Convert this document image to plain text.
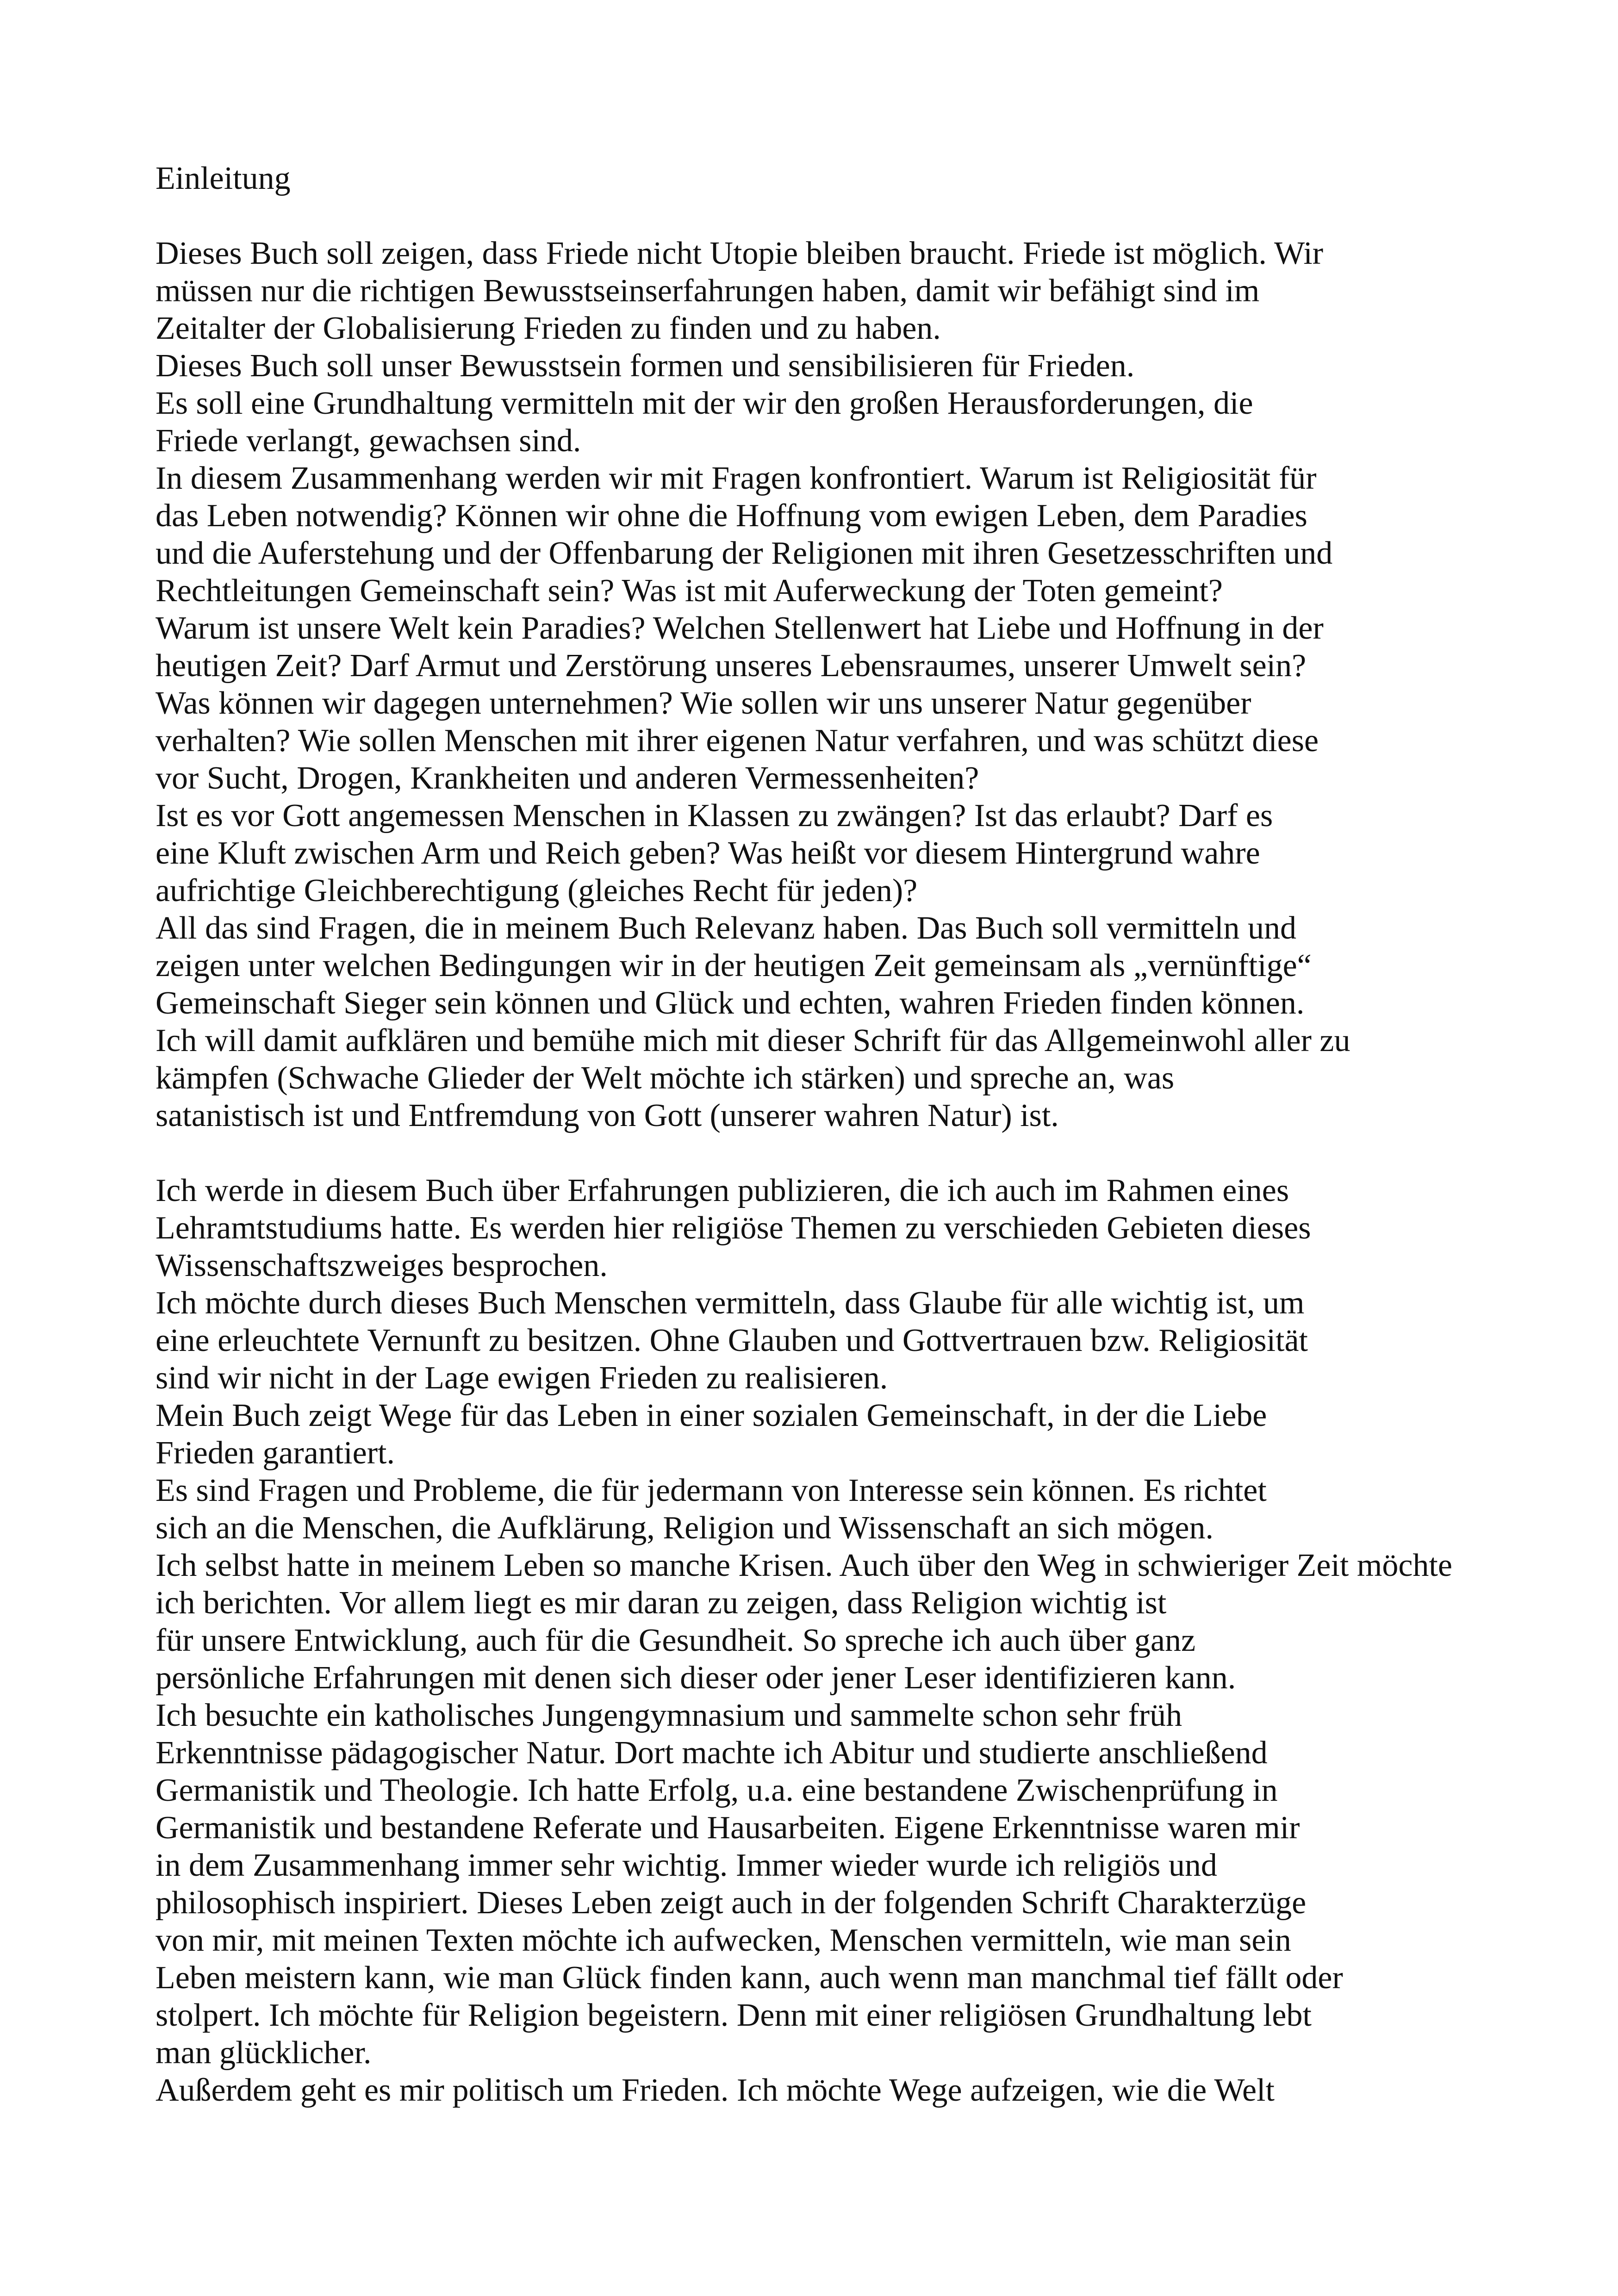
Einleitung
Dieses Buch soll zeigen, dass Friede nicht Utopie bleiben braucht. Friede ist möglich. Wir
müssen nur die richtigen Bewusstseinserfahrungen haben, damit wir befähigt sind im
Zeitalter der Globalisierung Frieden zu finden und zu haben.
Dieses Buch soll unser Bewusstsein formen und sensibilisieren für Frieden.
Es soll eine Grundhaltung vermitteln mit der wir den großen Herausforderungen, die
Friede verlangt, gewachsen sind.
In diesem Zusammenhang werden wir mit Fragen konfrontiert. Warum ist Religiosität für
das Leben notwendig? Können wir ohne die Hoffnung vom ewigen Leben, dem Paradies
und die Auferstehung und der Offenbarung der Religionen mit ihren Gesetzesschriften und
Rechtleitungen Gemeinschaft sein? Was ist mit Auferweckung der Toten gemeint?
Warum ist unsere Welt kein Paradies? Welchen Stellenwert hat Liebe und Hoffnung in der
heutigen Zeit? Darf Armut und Zerstörung unseres Lebensraumes, unserer Umwelt sein?
Was können wir dagegen unternehmen? Wie sollen wir uns unserer Natur gegenüber
verhalten? Wie sollen Menschen mit ihrer eigenen Natur verfahren, und was schützt diese
vor Sucht, Drogen, Krankheiten und anderen Vermessenheiten?
Ist es vor Gott angemessen Menschen in Klassen zu zwängen? Ist das erlaubt? Darf es
eine Kluft zwischen Arm und Reich geben? Was heißt vor diesem Hintergrund wahre
aufrichtige Gleichberechtigung (gleiches Recht für jeden)?
All das sind Fragen, die in meinem Buch Relevanz haben. Das Buch soll vermitteln und
zeigen unter welchen Bedingungen wir in der heutigen Zeit gemeinsam als „vernünftige“
Gemeinschaft Sieger sein können und Glück und echten, wahren Frieden finden können.
Ich will damit aufklären und bemühe mich mit dieser Schrift für das Allgemeinwohl aller zu
kämpfen (Schwache Glieder der Welt möchte ich stärken) und spreche an, was
satanistisch ist und Entfremdung von Gott (unserer wahren Natur) ist.
Ich werde in diesem Buch über Erfahrungen publizieren, die ich auch im Rahmen eines
Lehramtstudiums hatte. Es werden hier religiöse Themen zu verschieden Gebieten dieses
Wissenschaftszweiges besprochen.
Ich möchte durch dieses Buch Menschen vermitteln, dass Glaube für alle wichtig ist, um
eine erleuchtete Vernunft zu besitzen. Ohne Glauben und Gottvertrauen bzw. Religiosität
sind wir nicht in der Lage ewigen Frieden zu realisieren.
Mein Buch zeigt Wege für das Leben in einer sozialen Gemeinschaft, in der die Liebe
Frieden garantiert.
Es sind Fragen und Probleme, die für jedermann von Interesse sein können. Es richtet
sich an die Menschen, die Aufklärung, Religion und Wissenschaft an sich mögen.
Ich selbst hatte in meinem Leben so manche Krisen. Auch über den Weg in schwieriger Zeit möchte
ich berichten. Vor allem liegt es mir daran zu zeigen, dass Religion wichtig ist
für unsere Entwicklung, auch für die Gesundheit. So spreche ich auch über ganz
persönliche Erfahrungen mit denen sich dieser oder jener Leser identifizieren kann.
Ich besuchte ein katholisches Jungengymnasium und sammelte schon sehr früh
Erkenntnisse pädagogischer Natur. Dort machte ich Abitur und studierte anschließend
Germanistik und Theologie. Ich hatte Erfolg, u.a. eine bestandene Zwischenprüfung in
Germanistik und bestandene Referate und Hausarbeiten. Eigene Erkenntnisse waren mir
in dem Zusammenhang immer sehr wichtig. Immer wieder wurde ich religiös und
philosophisch inspiriert. Dieses Leben zeigt auch in der folgenden Schrift Charakterzüge
von mir, mit meinen Texten möchte ich aufwecken, Menschen vermitteln, wie man sein
Leben meistern kann, wie man Glück finden kann, auch wenn man manchmal tief fällt oder
stolpert. Ich möchte für Religion begeistern. Denn mit einer religiösen Grundhaltung lebt
man glücklicher.
Außerdem geht es mir politisch um Frieden. Ich möchte Wege aufzeigen, wie die Welt
